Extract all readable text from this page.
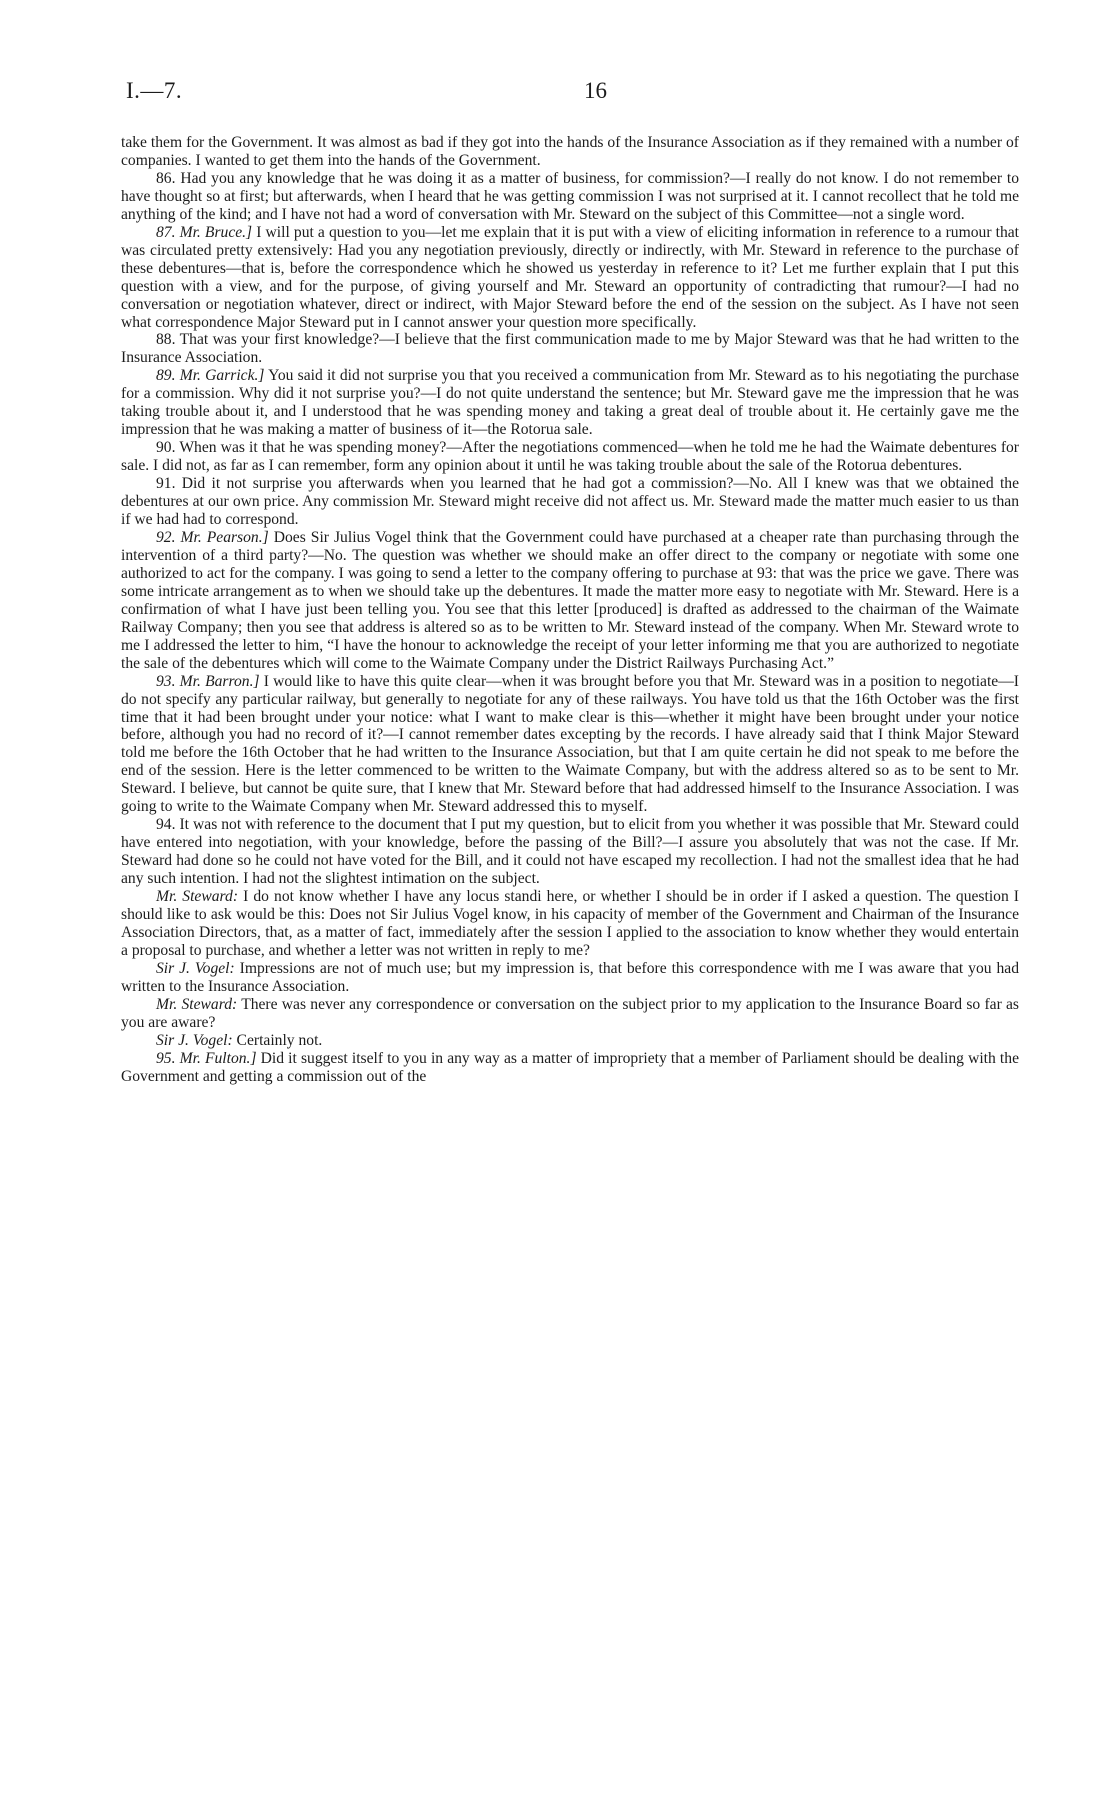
I.—7.	16

take them for the Government. It was almost as bad if they got into the hands of the Insurance Association as if they remained with a number of companies. I wanted to get them into the hands of the Government.

86. Had you any knowledge that he was doing it as a matter of business, for commission?—I really do not know. I do not remember to have thought so at first; but afterwards, when I heard that he was getting commission I was not surprised at it. I cannot recollect that he told me anything of the kind; and I have not had a word of conversation with Mr. Steward on the subject of this Committee—not a single word.

87. Mr. Bruce.] I will put a question to you—let me explain that it is put with a view of eliciting information in reference to a rumour that was circulated pretty extensively: Had you any negotiation previously, directly or indirectly, with Mr. Steward in reference to the purchase of these debentures—that is, before the correspondence which he showed us yesterday in reference to it? Let me further explain that I put this question with a view, and for the purpose, of giving yourself and Mr. Steward an opportunity of contradicting that rumour?—I had no conversation or negotiation whatever, direct or indirect, with Major Steward before the end of the session on the subject. As I have not seen what correspondence Major Steward put in I cannot answer your question more specifically.

88. That was your first knowledge?—I believe that the first communication made to me by Major Steward was that he had written to the Insurance Association.

89. Mr. Garrick.] You said it did not surprise you that you received a communication from Mr. Steward as to his negotiating the purchase for a commission. Why did it not surprise you?—I do not quite understand the sentence; but Mr. Steward gave me the impression that he was taking trouble about it, and I understood that he was spending money and taking a great deal of trouble about it. He certainly gave me the impression that he was making a matter of business of it—the Rotorua sale.

90. When was it that he was spending money?—After the negotiations commenced—when he told me he had the Waimate debentures for sale. I did not, as far as I can remember, form any opinion about it until he was taking trouble about the sale of the Rotorua debentures.

91. Did it not surprise you afterwards when you learned that he had got a commission?—No. All I knew was that we obtained the debentures at our own price. Any commission Mr. Steward might receive did not affect us. Mr. Steward made the matter much easier to us than if we had had to correspond.

92. Mr. Pearson.] Does Sir Julius Vogel think that the Government could have purchased at a cheaper rate than purchasing through the intervention of a third party?—No. The question was whether we should make an offer direct to the company or negotiate with some one authorized to act for the company. I was going to send a letter to the company offering to purchase at 93: that was the price we gave. There was some intricate arrangement as to when we should take up the debentures. It made the matter more easy to negotiate with Mr. Steward. Here is a confirmation of what I have just been telling you. You see that this letter [produced] is drafted as addressed to the chairman of the Waimate Railway Company; then you see that address is altered so as to be written to Mr. Steward instead of the company. When Mr. Steward wrote to me I addressed the letter to him, “I have the honour to acknowledge the receipt of your letter informing me that you are authorized to negotiate the sale of the debentures which will come to the Waimate Company under the District Railways Purchasing Act.”

93. Mr. Barron.] I would like to have this quite clear—when it was brought before you that Mr. Steward was in a position to negotiate—I do not specify any particular railway, but generally to negotiate for any of these railways. You have told us that the 16th October was the first time that it had been brought under your notice: what I want to make clear is this—whether it might have been brought under your notice before, although you had no record of it?—I cannot remember dates excepting by the records. I have already said that I think Major Steward told me before the 16th October that he had written to the Insurance Association, but that I am quite certain he did not speak to me before the end of the session. Here is the letter commenced to be written to the Waimate Company, but with the address altered so as to be sent to Mr. Steward. I believe, but cannot be quite sure, that I knew that Mr. Steward before that had addressed himself to the Insurance Association. I was going to write to the Waimate Company when Mr. Steward addressed this to myself.

94. It was not with reference to the document that I put my question, but to elicit from you whether it was possible that Mr. Steward could have entered into negotiation, with your knowledge, before the passing of the Bill?—I assure you absolutely that was not the case. If Mr. Steward had done so he could not have voted for the Bill, and it could not have escaped my recollection. I had not the smallest idea that he had any such intention. I had not the slightest intimation on the subject.

Mr. Steward: I do not know whether I have any locus standi here, or whether I should be in order if I asked a question. The question I should like to ask would be this: Does not Sir Julius Vogel know, in his capacity of member of the Government and Chairman of the Insurance Association Directors, that, as a matter of fact, immediately after the session I applied to the association to know whether they would entertain a proposal to purchase, and whether a letter was not written in reply to me?

Sir J. Vogel: Impressions are not of much use; but my impression is, that before this correspondence with me I was aware that you had written to the Insurance Association.

Mr. Steward: There was never any correspondence or conversation on the subject prior to my application to the Insurance Board so far as you are aware?

Sir J. Vogel: Certainly not.

95. Mr. Fulton.] Did it suggest itself to you in any way as a matter of impropriety that a member of Parliament should be dealing with the Government and getting a commission out of the
